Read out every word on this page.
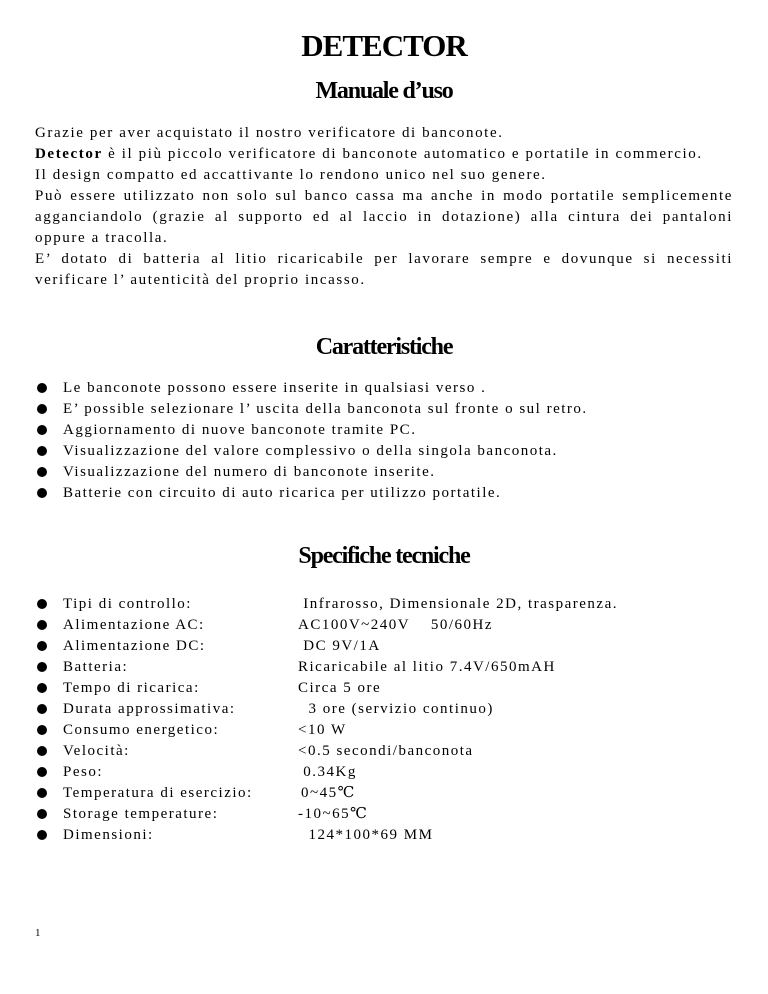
DETECTOR
Manuale d’uso

Grazie per aver acquistato il nostro verificatore di banconote.

Detector è il più piccolo verificatore di banconote automatico e portatile in commercio.

Il design compatto ed accattivante lo rendono unico nel suo genere.

Può essere utilizzato non solo sul banco cassa ma anche in modo portatile semplicemente agganciandolo (grazie al supporto ed al laccio in dotazione) alla cintura dei pantaloni oppure a tracolla.

E’ dotato di batteria al litio ricaricabile per lavorare sempre e dovunque si necessiti verificare l’ autenticità del proprio incasso.

Caratteristiche
Le banconote possono essere inserite in qualsiasi verso .
E’ possible selezionare l’ uscita della banconota sul fronte o sul retro.
Aggiornamento di nuove banconote tramite PC.
Visualizzazione del valore complessivo o della singola banconota.
Visualizzazione del numero di banconote inserite.
Batterie con circuito di auto ricarica per utilizzo portatile.
Specifiche tecniche
Tipi di controllo:	Infrarosso, Dimensionale 2D, trasparenza.
Alimentazione AC:	AC100V~240V    50/60Hz
Alimentazione DC:	DC 9V/1A
Batteria:	Ricaricabile al litio 7.4V/650mAH
Tempo di ricarica:	Circa 5 ore
Durata approssimativa:	3 ore (servizio continuo)
Consumo energetico:	<10 W
Velocità:	<0.5 secondi/banconota
Peso:	0.34Kg
Temperatura di esercizio:	0~45℃
Storage temperature:	-10~65℃
Dimensioni:	124*100*69 MM
1
